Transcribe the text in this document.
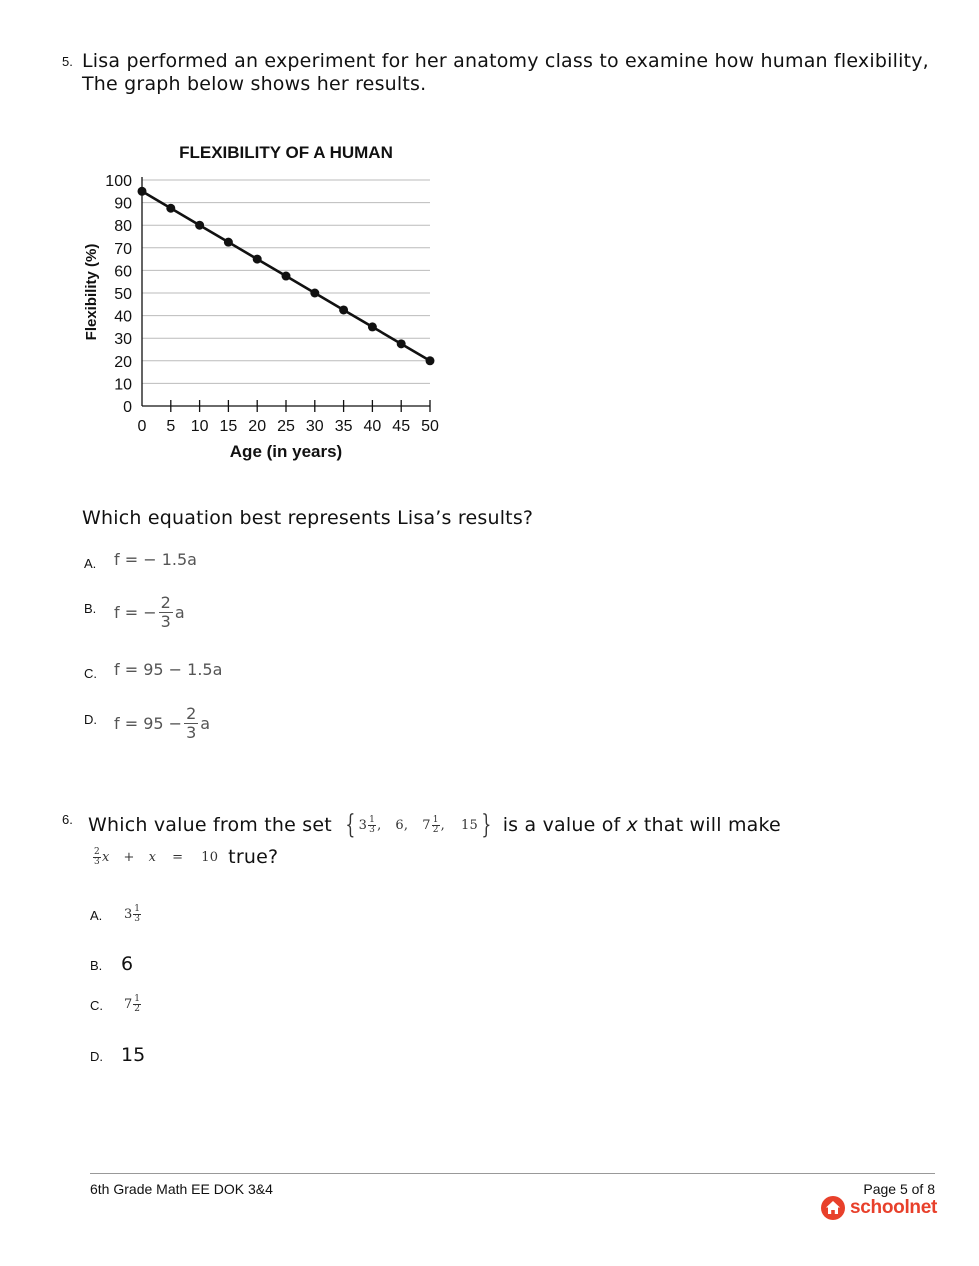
5. Lisa performed an experiment for her anatomy class to examine how human flexibility,
The graph below shows her results.
FLEXIBILITY OF A HUMAN
0
10
20
30
40
50
60
70
80
90
100
0 5 10 15 20 25 30 35 40 45 50
Age (in years)
Flexibility (%)
Which equation best represents Lisa’s results?
A. f = − 1.5a
B. f = − $\frac{2}{3}$ a
C. f = 95 − 1.5a
D. $f = 95 - \frac{2}{3}$ a
6. Which value from the set { 3 1
3 , 6, 7 1
2 , 15 } is a value of x that will make
2
3 x + x = 10 true?
A. 3 1
3
B. 6
C. 7 1
2
D. 15
6th Grade Math EE DOK 3&4	Page 5 of 8
schoolnet
